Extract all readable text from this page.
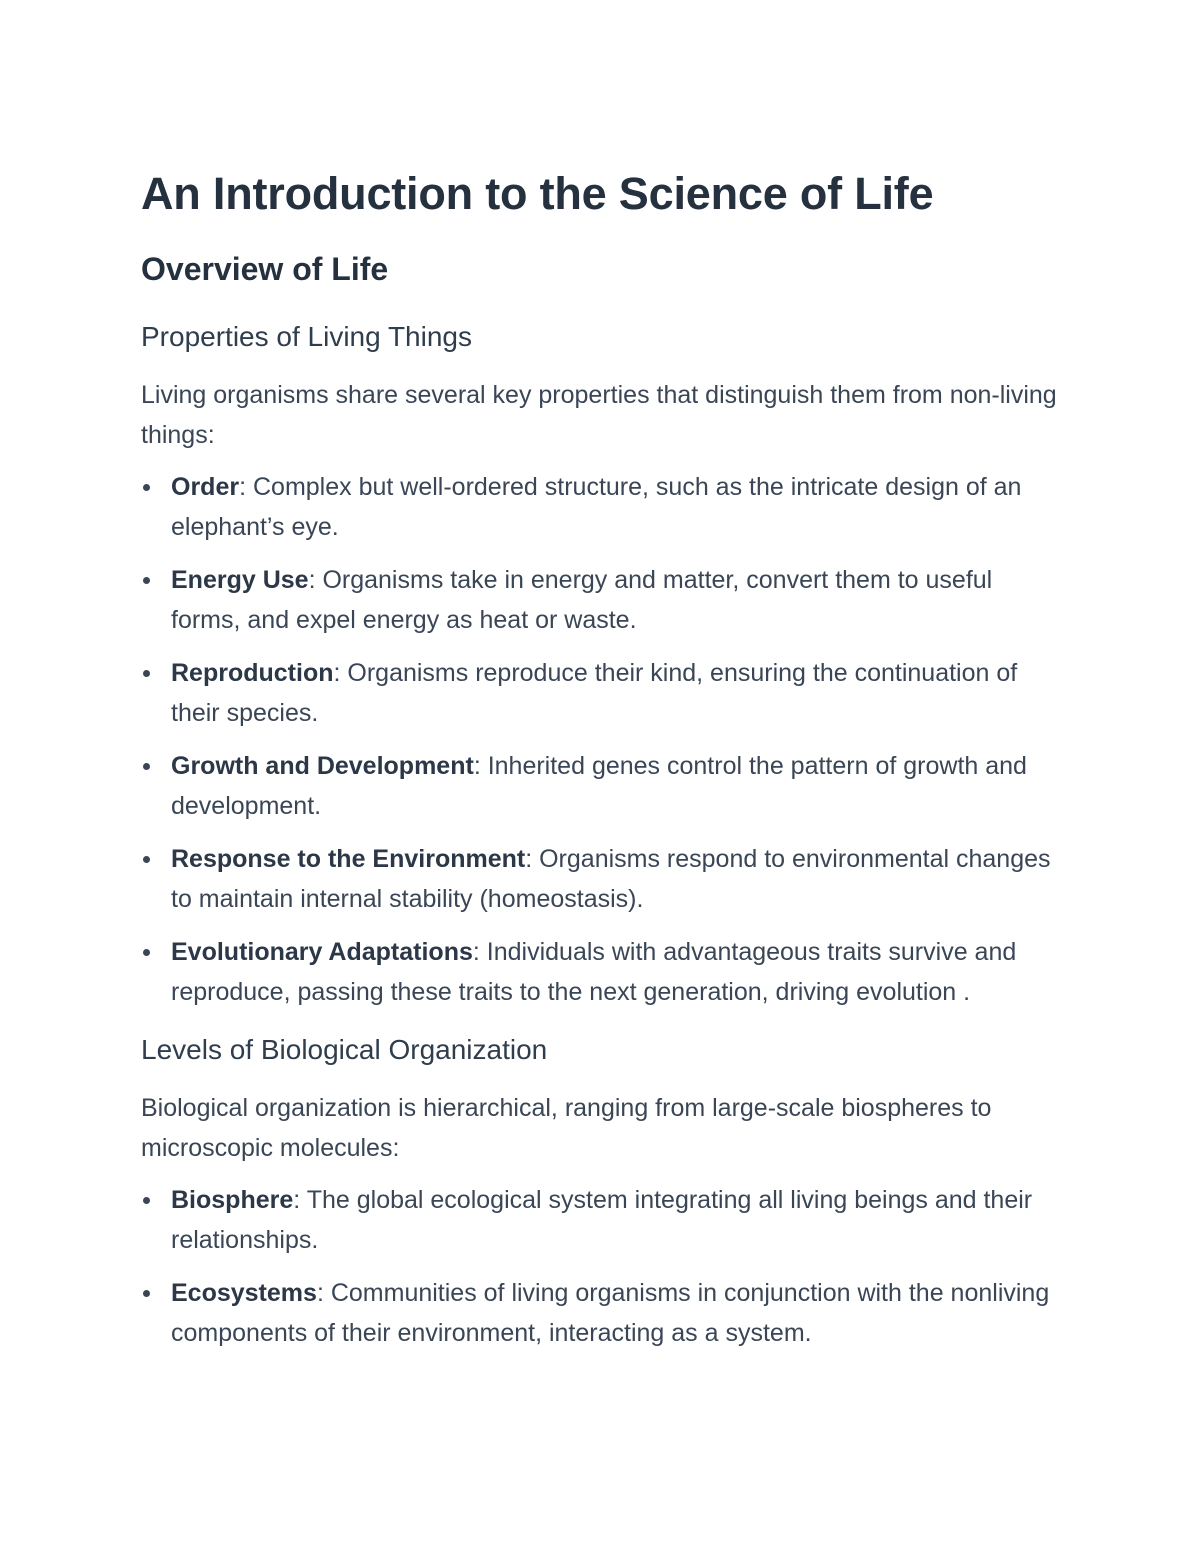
An Introduction to the Science of Life
Overview of Life
Properties of Living Things

Living organisms share several key properties that distinguish them from non-living things:

Order: Complex but well-ordered structure, such as the intricate design of an elephant’s eye.
Energy Use: Organisms take in energy and matter, convert them to useful forms, and expel energy as heat or waste.
Reproduction: Organisms reproduce their kind, ensuring the continuation of their species.
Growth and Development: Inherited genes control the pattern of growth and development.
Response to the Environment: Organisms respond to environmental changes to maintain internal stability (homeostasis).
Evolutionary Adaptations: Individuals with advantageous traits survive and reproduce, passing these traits to the next generation, driving evolution .
Levels of Biological Organization

Biological organization is hierarchical, ranging from large-scale biospheres to microscopic molecules:

Biosphere: The global ecological system integrating all living beings and their relationships.
Ecosystems: Communities of living organisms in conjunction with the nonliving components of their environment, interacting as a system.
